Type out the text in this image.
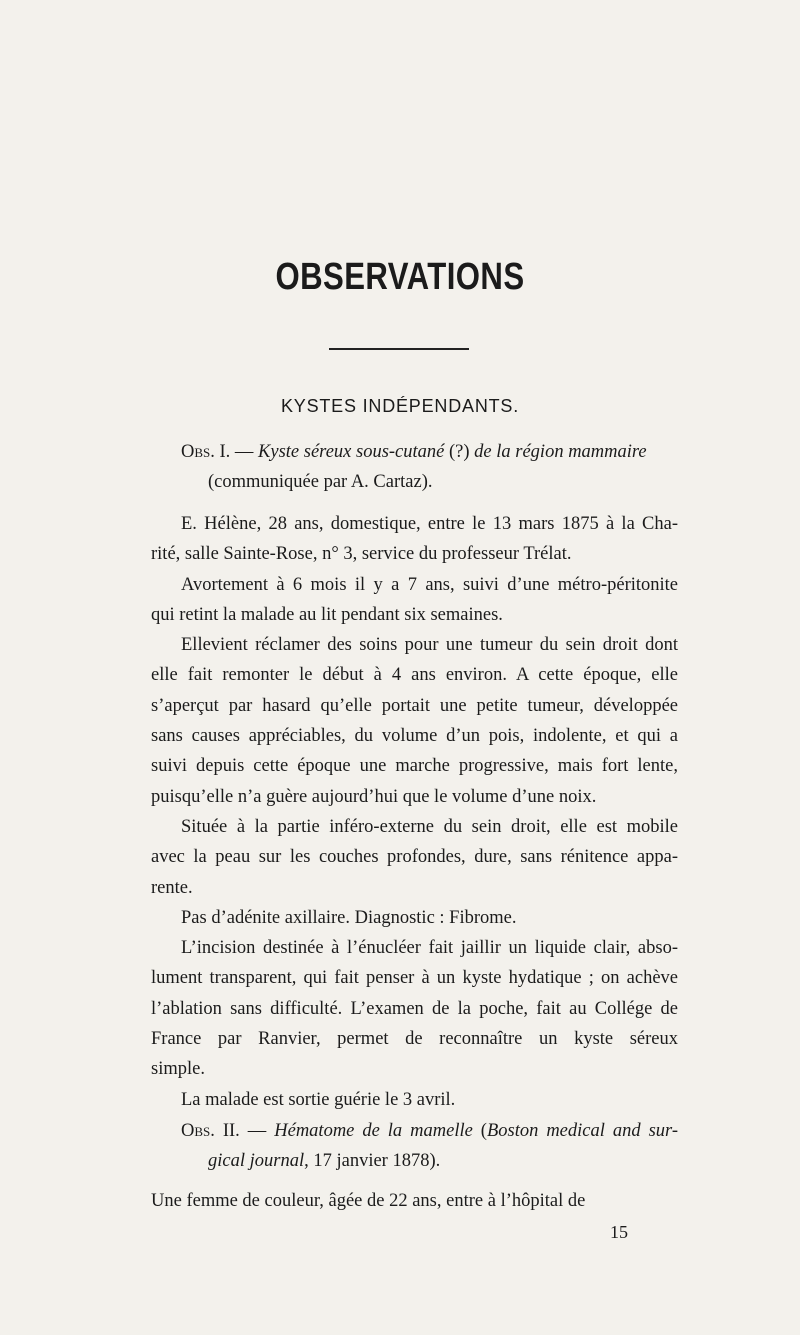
OBSERVATIONS
KYSTES INDÉPENDANTS.
Obs. I. — Kyste séreux sous-cutané (?) de la région mammaire
(communiquée par A. Cartaz).
E. Hélène, 28 ans, domestique, entre le 13 mars 1875 à la Cha-
rité, salle Sainte-Rose, n° 3, service du professeur Trélat.
Avortement à 6 mois il y a 7 ans, suivi d’une métro-péritonite
qui retint la malade au lit pendant six semaines.
Ellevient réclamer des soins pour une tumeur du sein droit dont
elle fait remonter le début à 4 ans environ. A cette époque, elle
s’aperçut par hasard qu’elle portait une petite tumeur, développée
sans causes appréciables, du volume d’un pois, indolente, et qui a
suivi depuis cette époque une marche progressive, mais fort lente,
puisqu’elle n’a guère aujourd’hui que le volume d’une noix.
Située à la partie inféro-externe du sein droit, elle est mobile
avec la peau sur les couches profondes, dure, sans rénitence appa-
rente.
Pas d’adénite axillaire. Diagnostic : Fibrome.
L’incision destinée à l’énucléer fait jaillir un liquide clair, abso-
lument transparent, qui fait penser à un kyste hydatique ; on achève
l’ablation sans difficulté. L’examen de la poche, fait au Collége de
France par Ranvier, permet de reconnaître un kyste séreux
simple.
La malade est sortie guérie le 3 avril.
Obs. II. — Hématome de la mamelle (Boston medical and sur-
gical journal, 17 janvier 1878).
Une femme de couleur, âgée de 22 ans, entre à l’hôpital de
15
